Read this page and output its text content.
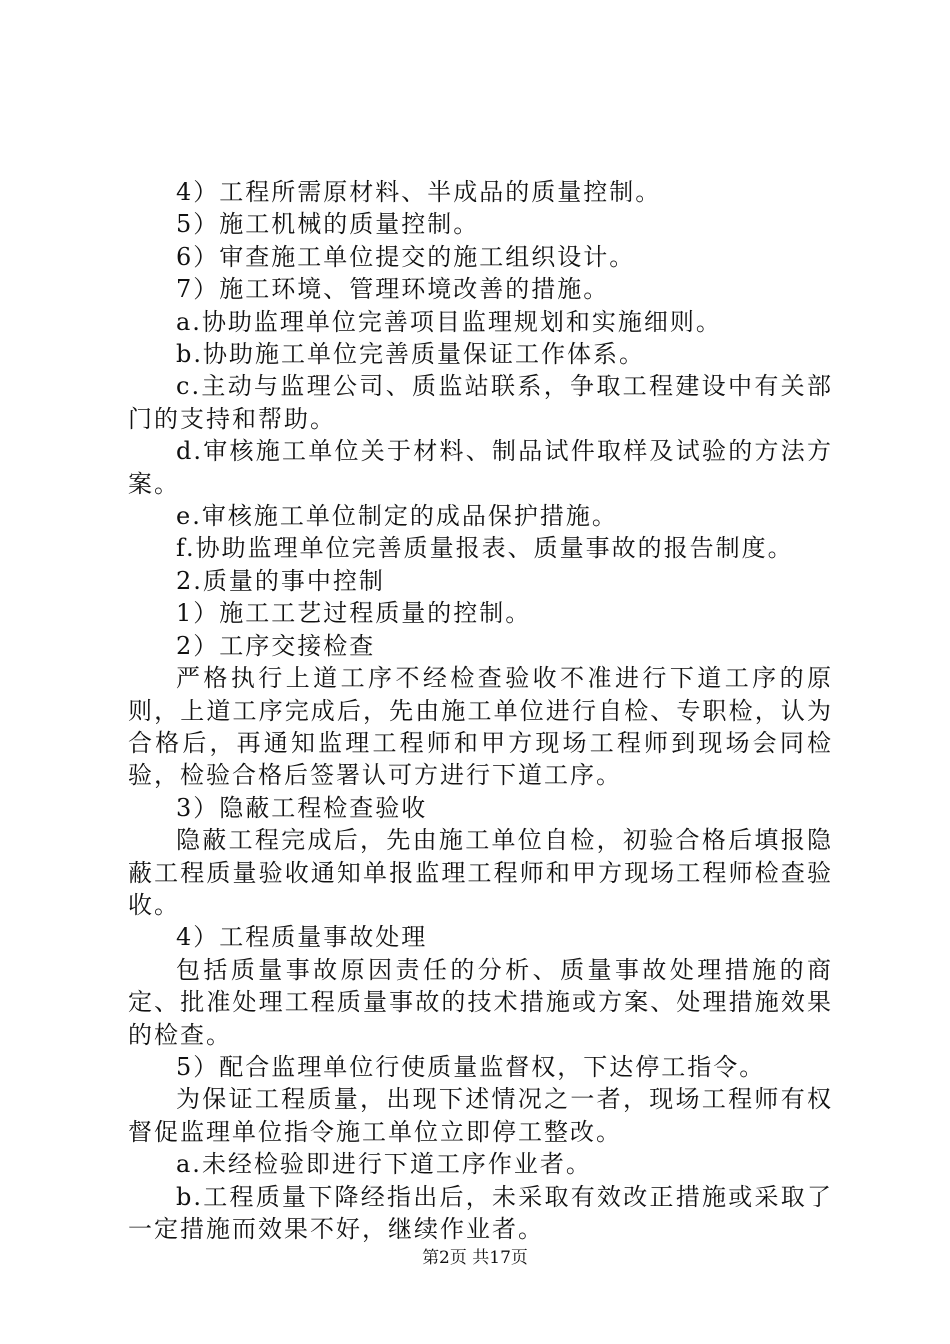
4）工程所需原材料、半成品的质量控制。

5）施工机械的质量控制。

6）审查施工单位提交的施工组织设计。

7）施工环境、管理环境改善的措施。

a.协助监理单位完善项目监理规划和实施细则。

b.协助施工单位完善质量保证工作体系。

c.主动与监理公司、质监站联系，争取工程建设中有关部门的支持和帮助。

d.审核施工单位关于材料、制品试件取样及试验的方法方案。

e.审核施工单位制定的成品保护措施。

f.协助监理单位完善质量报表、质量事故的报告制度。

2.质量的事中控制

1）施工工艺过程质量的控制。

2）工序交接检查

严格执行上道工序不经检查验收不准进行下道工序的原则，上道工序完成后，先由施工单位进行自检、专职检，认为合格后，再通知监理工程师和甲方现场工程师到现场会同检验，检验合格后签署认可方进行下道工序。

3）隐蔽工程检查验收

隐蔽工程完成后，先由施工单位自检，初验合格后填报隐蔽工程质量验收通知单报监理工程师和甲方现场工程师检查验收。

4）工程质量事故处理

包括质量事故原因责任的分析、质量事故处理措施的商定、批准处理工程质量事故的技术措施或方案、处理措施效果的检查。

5）配合监理单位行使质量监督权，下达停工指令。

为保证工程质量，出现下述情况之一者，现场工程师有权督促监理单位指令施工单位立即停工整改。

a.未经检验即进行下道工序作业者。

b.工程质量下降经指出后，未采取有效改正措施或采取了一定措施而效果不好，继续作业者。

第2页 共17页
